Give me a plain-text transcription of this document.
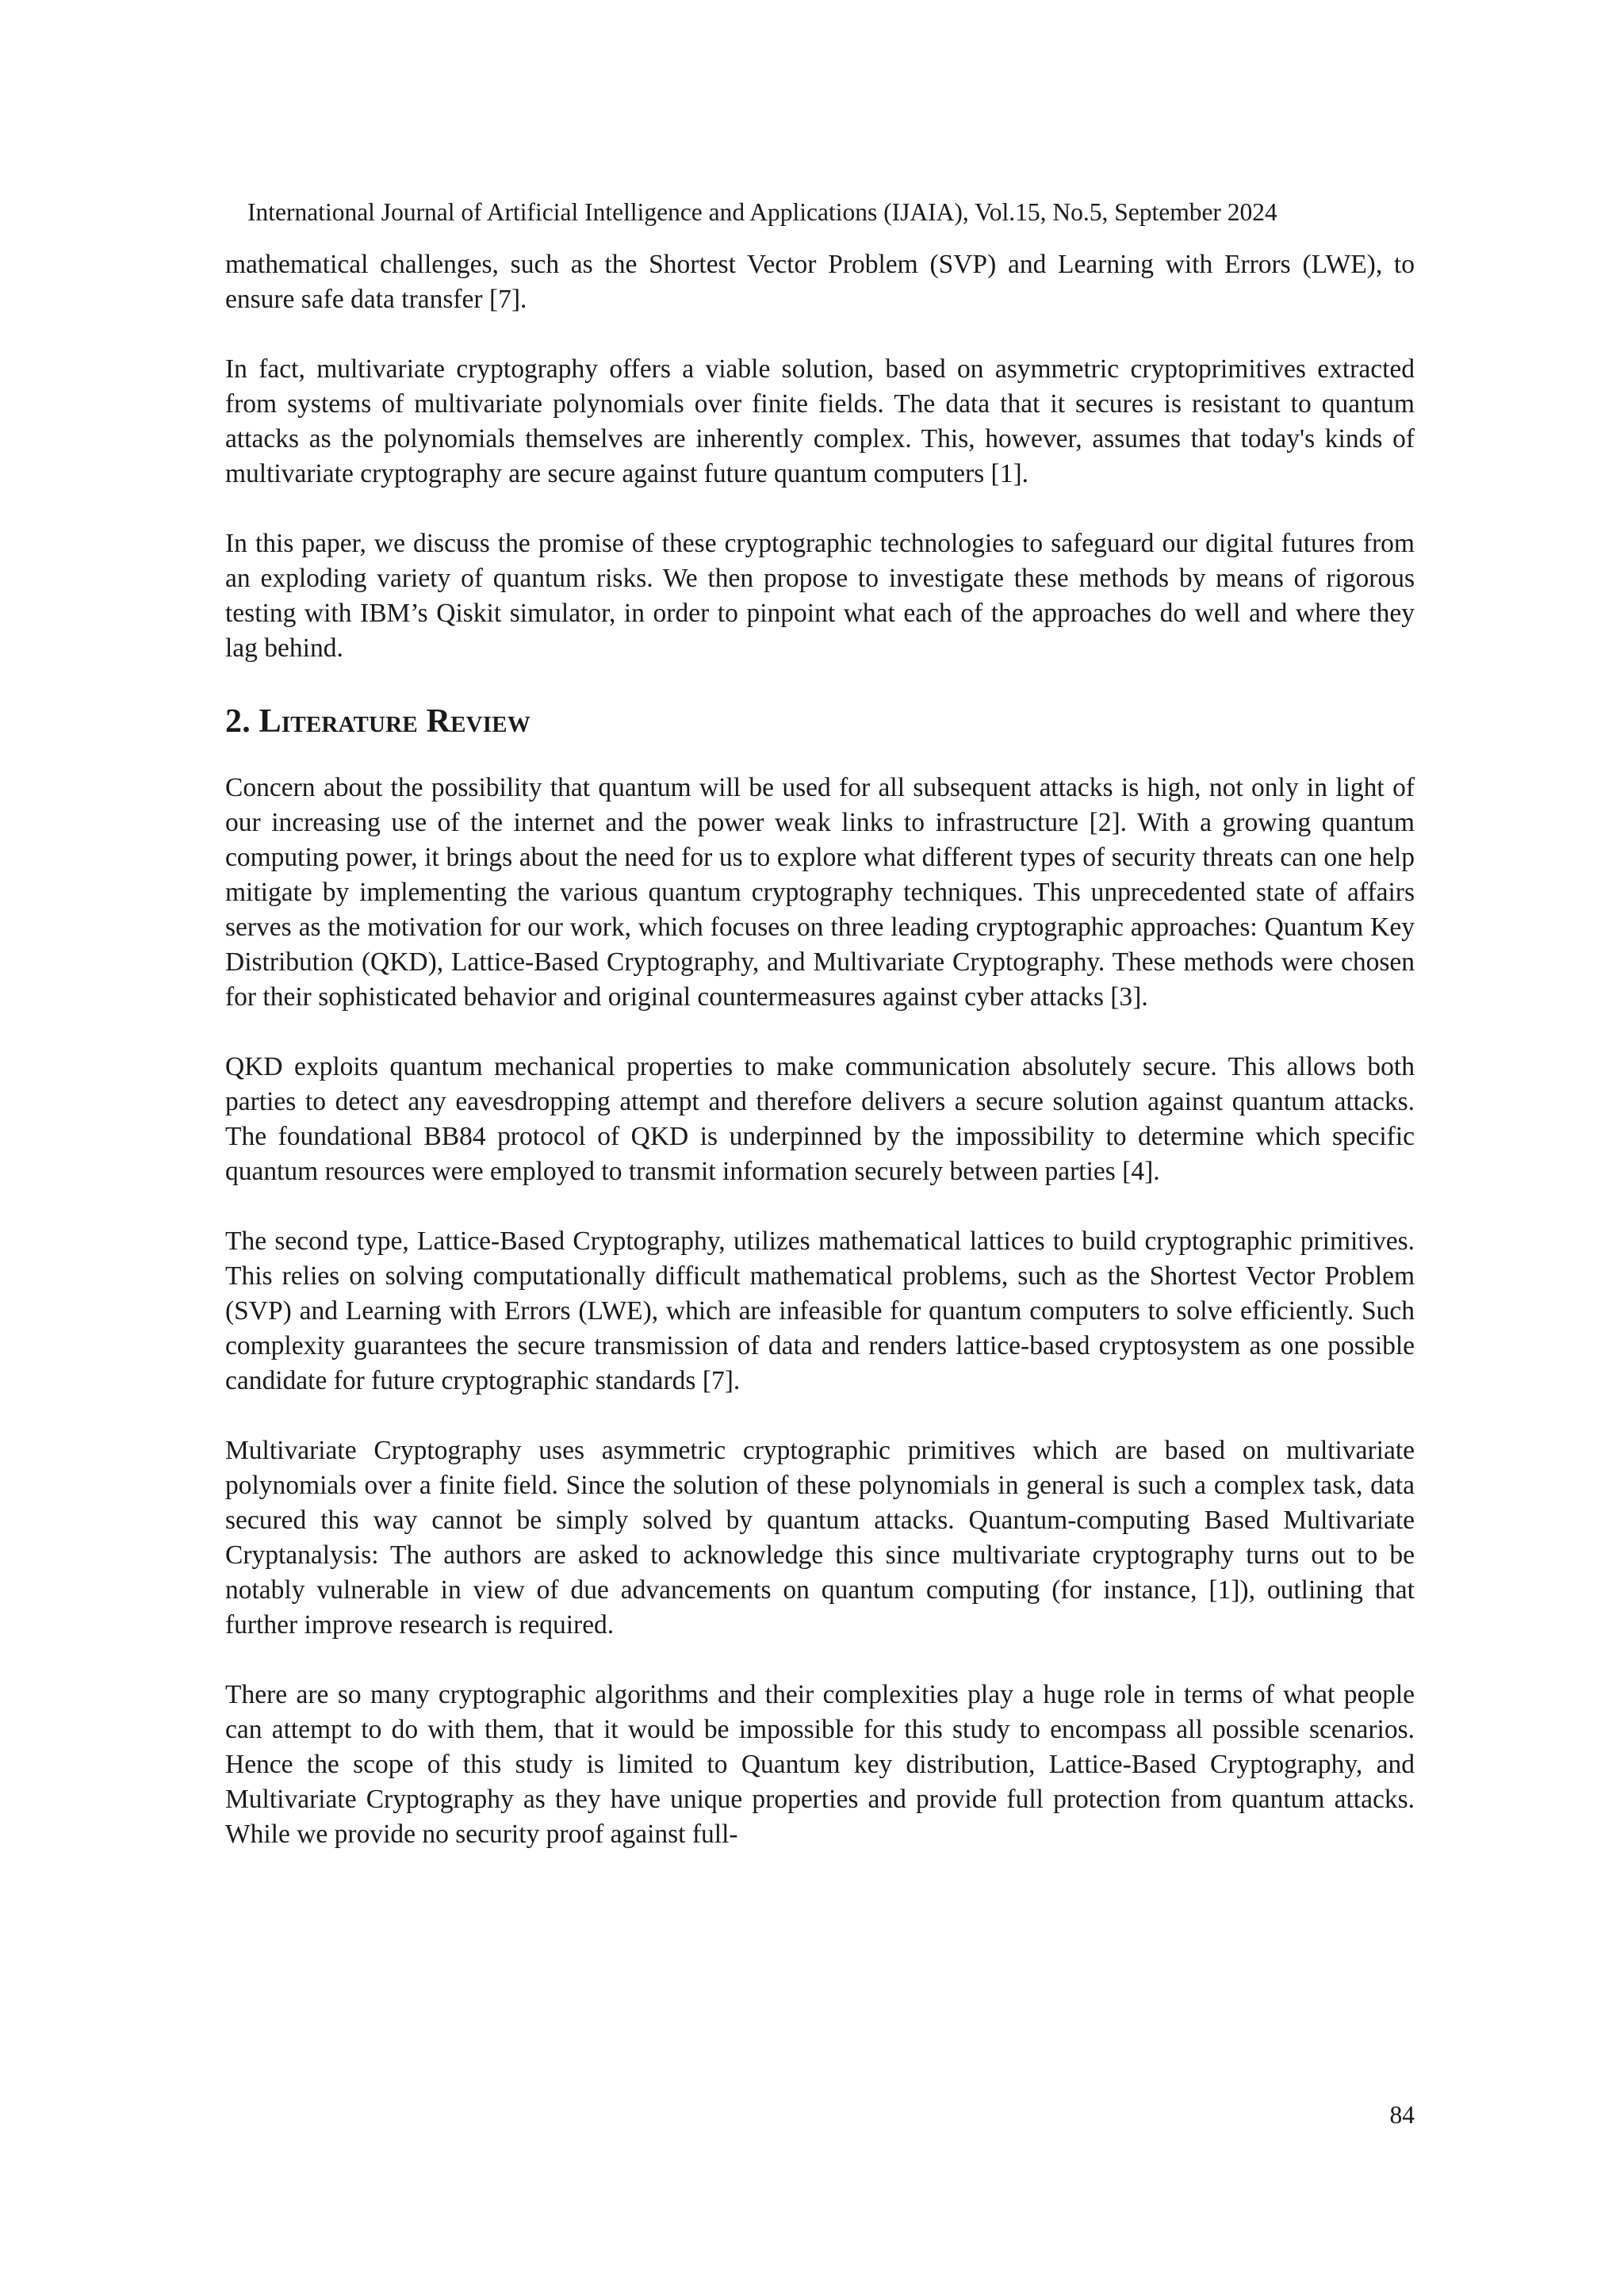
International Journal of Artificial Intelligence and Applications (IJAIA), Vol.15, No.5, September 2024

mathematical challenges, such as the Shortest Vector Problem (SVP) and Learning with Errors (LWE), to ensure safe data transfer [7].

In fact, multivariate cryptography offers a viable solution, based on asymmetric cryptoprimitives extracted from systems of multivariate polynomials over finite fields. The data that it secures is resistant to quantum attacks as the polynomials themselves are inherently complex. This, however, assumes that today's kinds of multivariate cryptography are secure against future quantum computers [1].

In this paper, we discuss the promise of these cryptographic technologies to safeguard our digital futures from an exploding variety of quantum risks. We then propose to investigate these methods by means of rigorous testing with IBM’s Qiskit simulator, in order to pinpoint what each of the approaches do well and where they lag behind.

2. Literature Review

Concern about the possibility that quantum will be used for all subsequent attacks is high, not only in light of our increasing use of the internet and the power weak links to infrastructure [2]. With a growing quantum computing power, it brings about the need for us to explore what different types of security threats can one help mitigate by implementing the various quantum cryptography techniques. This unprecedented state of affairs serves as the motivation for our work, which focuses on three leading cryptographic approaches: Quantum Key Distribution (QKD), Lattice-Based Cryptography, and Multivariate Cryptography. These methods were chosen for their sophisticated behavior and original countermeasures against cyber attacks [3].

QKD exploits quantum mechanical properties to make communication absolutely secure. This allows both parties to detect any eavesdropping attempt and therefore delivers a secure solution against quantum attacks. The foundational BB84 protocol of QKD is underpinned by the impossibility to determine which specific quantum resources were employed to transmit information securely between parties [4].

The second type, Lattice-Based Cryptography, utilizes mathematical lattices to build cryptographic primitives. This relies on solving computationally difficult mathematical problems, such as the Shortest Vector Problem (SVP) and Learning with Errors (LWE), which are infeasible for quantum computers to solve efficiently. Such complexity guarantees the secure transmission of data and renders lattice-based cryptosystem as one possible candidate for future cryptographic standards [7].

Multivariate Cryptography uses asymmetric cryptographic primitives which are based on multivariate polynomials over a finite field. Since the solution of these polynomials in general is such a complex task, data secured this way cannot be simply solved by quantum attacks. Quantum-computing Based Multivariate Cryptanalysis: The authors are asked to acknowledge this since multivariate cryptography turns out to be notably vulnerable in view of due advancements on quantum computing (for instance, [1]), outlining that further improve research is required.

There are so many cryptographic algorithms and their complexities play a huge role in terms of what people can attempt to do with them, that it would be impossible for this study to encompass all possible scenarios. Hence the scope of this study is limited to Quantum key distribution, Lattice-Based Cryptography, and Multivariate Cryptography as they have unique properties and provide full protection from quantum attacks. While we provide no security proof against full-

84
